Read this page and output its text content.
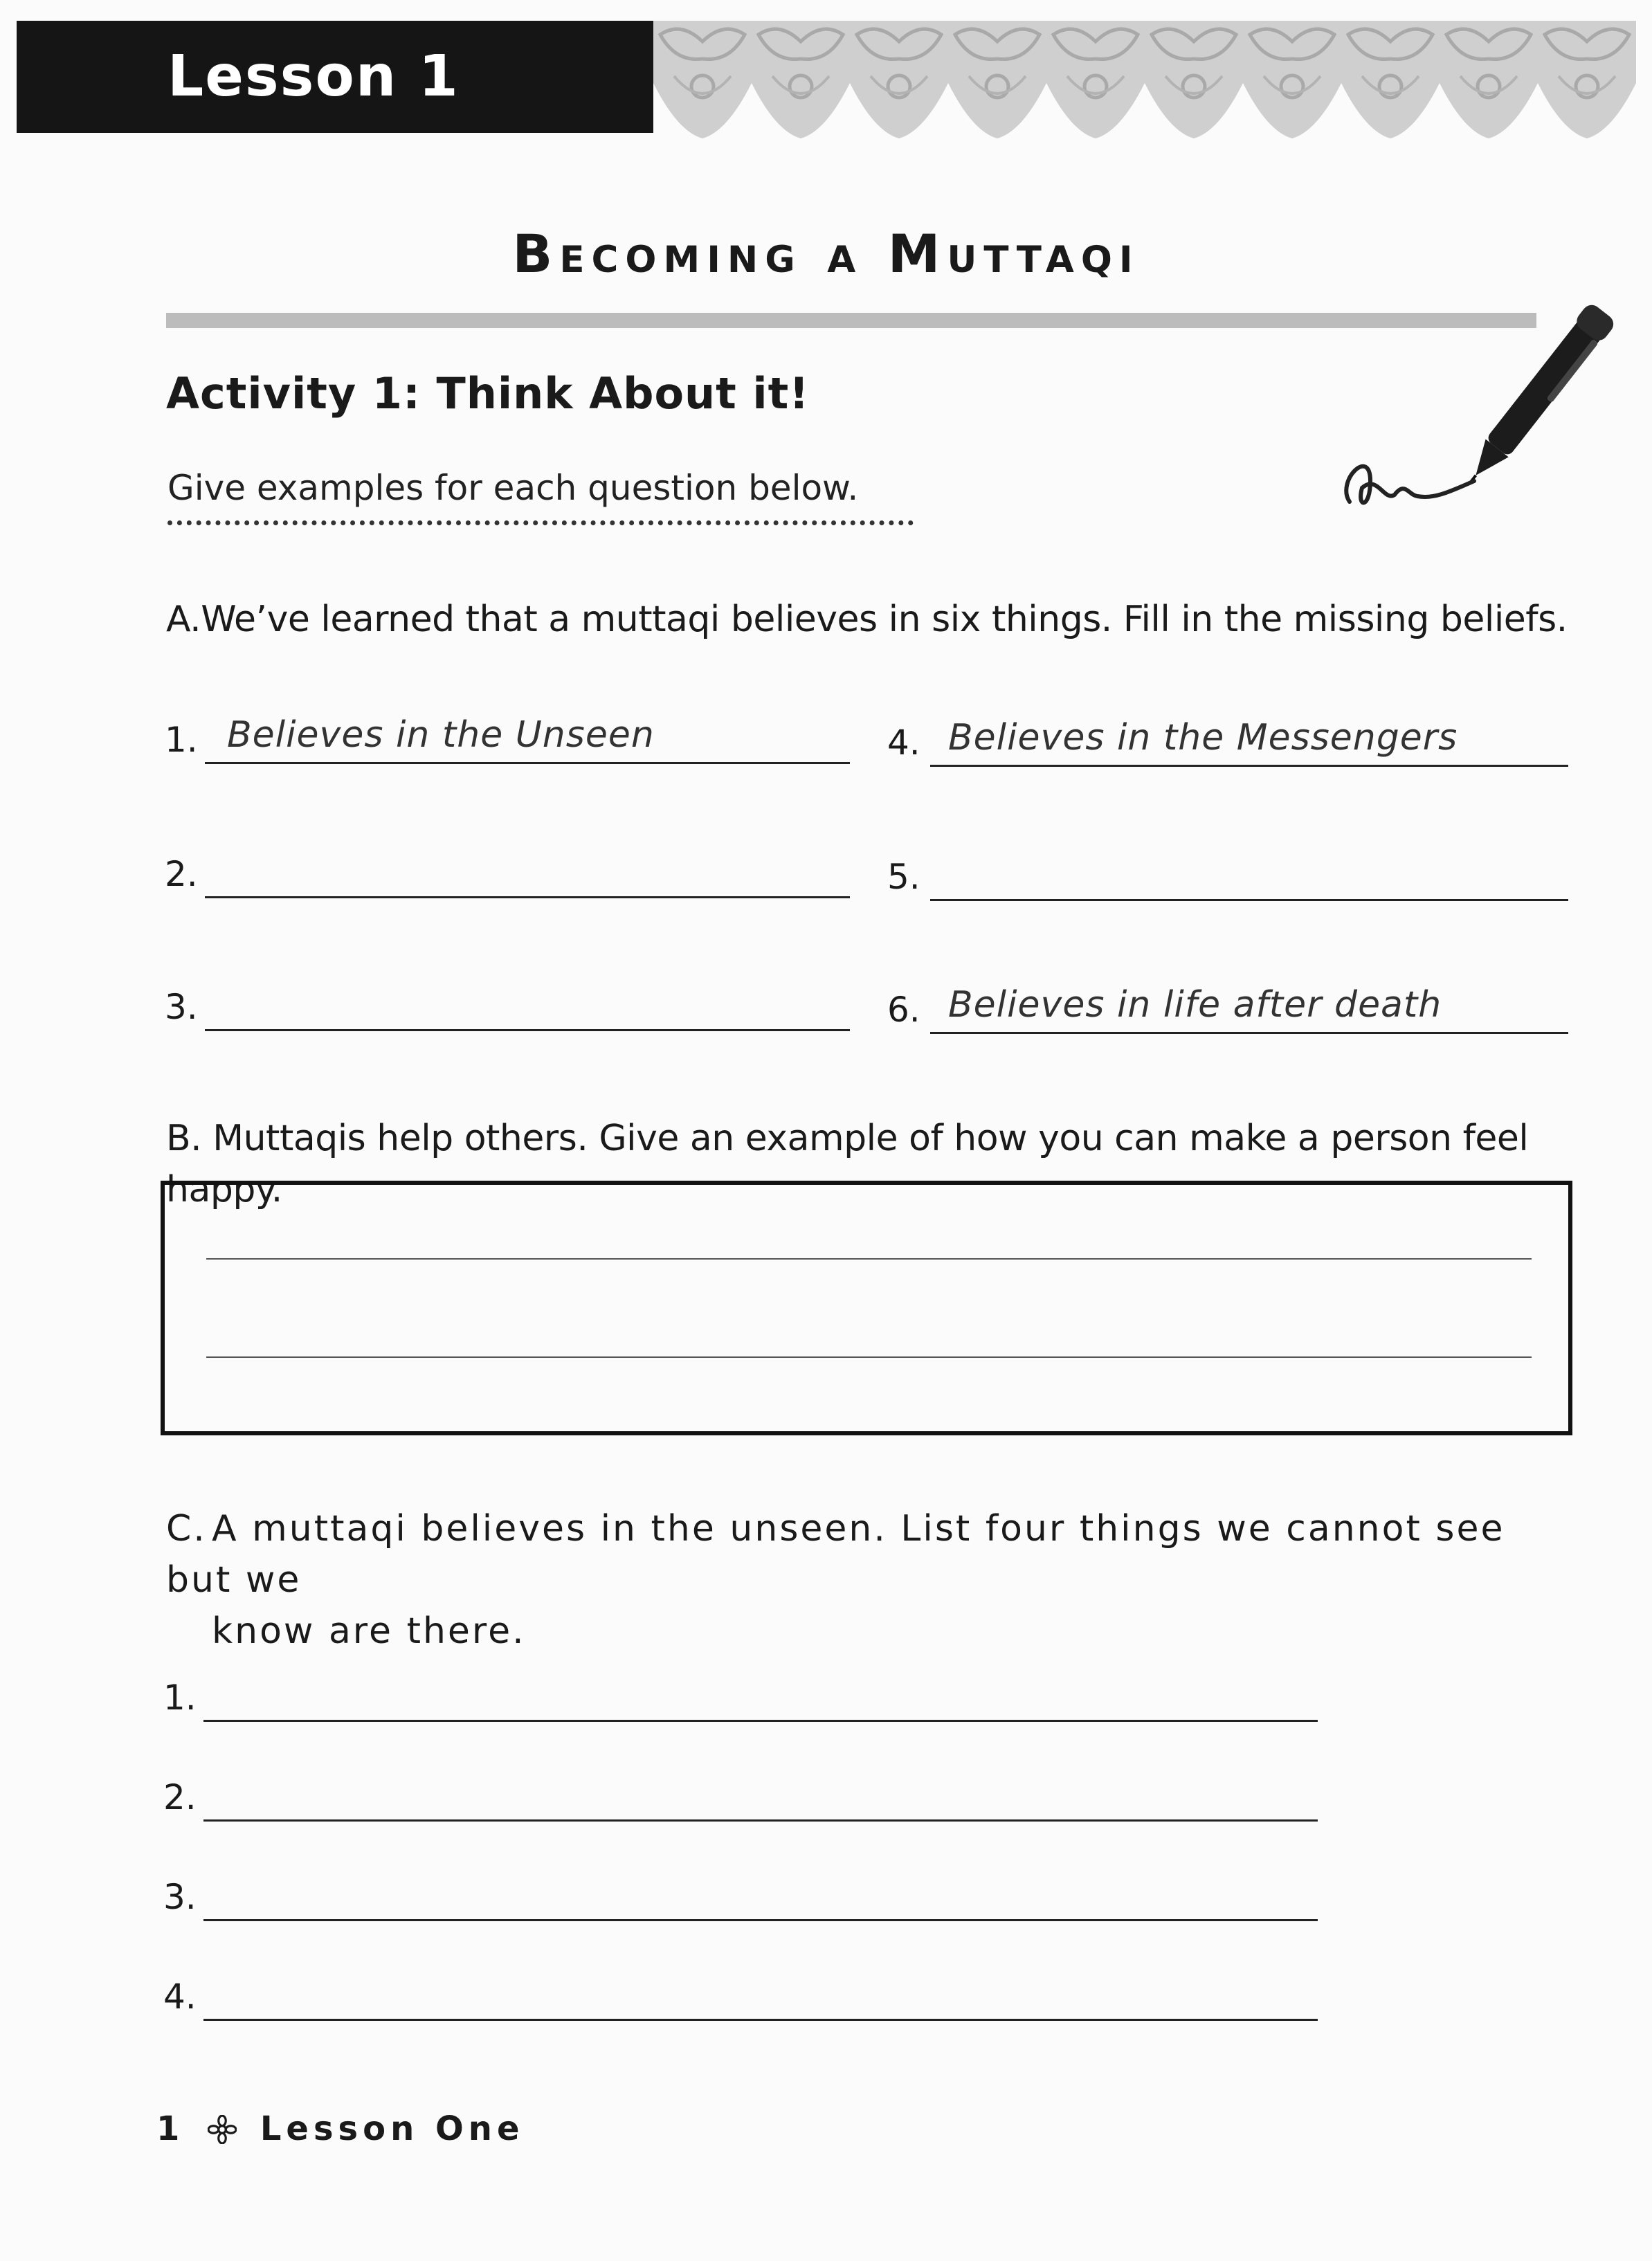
Lesson 1
Becoming a Muttaqi
Activity 1: Think About it!
Give examples for each question below.
A.We’ve learned that a muttaqi believes in six things. Fill in the missing beliefs.
1. Believes in the Unseen
2.
3.
4. Believes in the Messengers
5.
6. Believes in life after death
B. Muttaqis help others. Give an example of how you can make a person feel happy.
C. A muttaqi believes in the unseen. List four things we cannot see but we
know are there.
1.
2.
3.
4.
1 Lesson One
